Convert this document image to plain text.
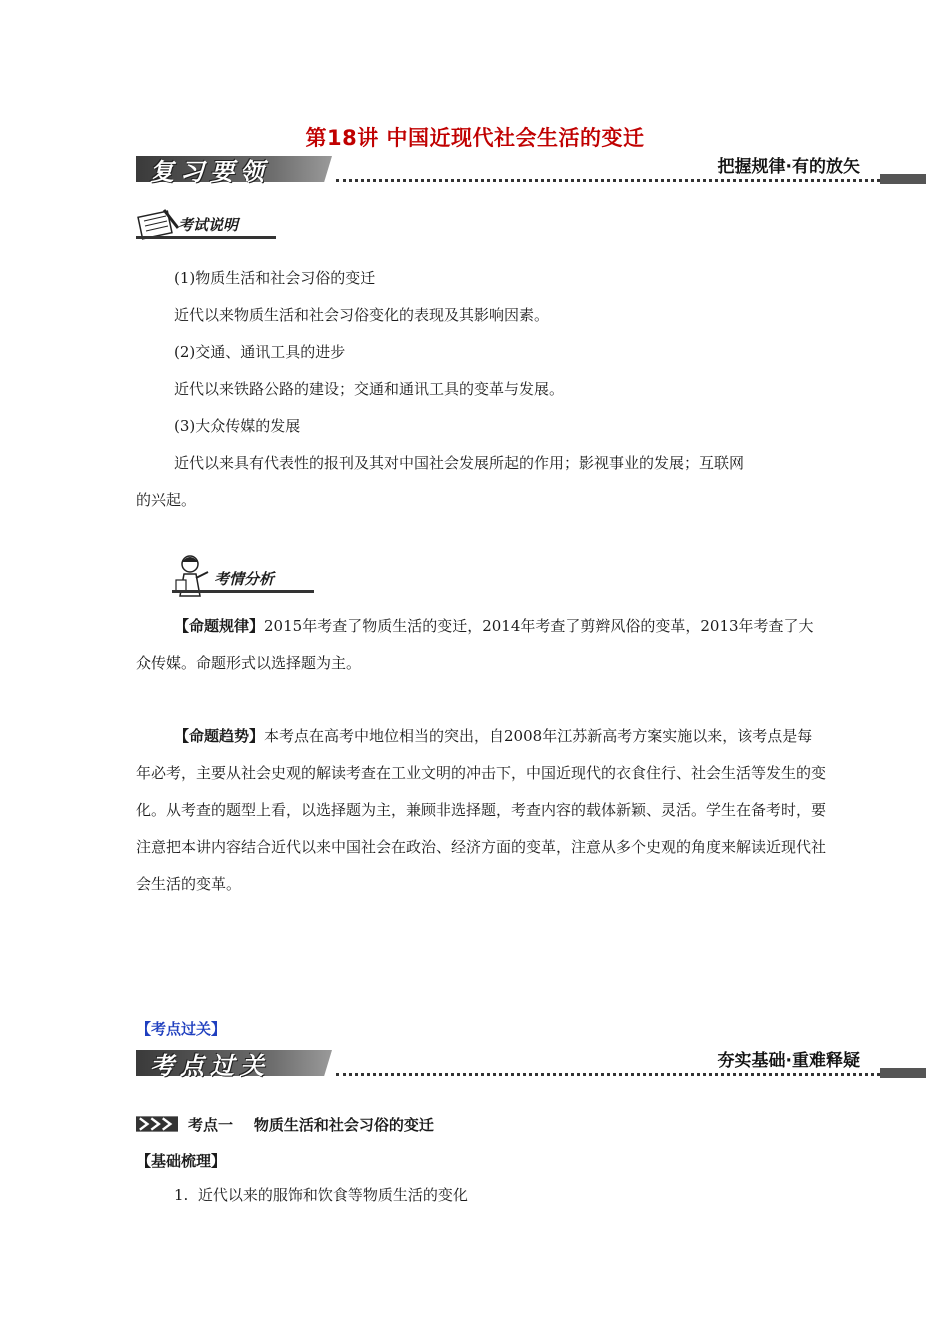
第18讲 中国近现代社会生活的变迁
复习要领	把握规律·有的放矢
考试说明
(1)物质生活和社会习俗的变迁
近代以来物质生活和社会习俗变化的表现及其影响因素。
(2)交通、通讯工具的进步
近代以来铁路公路的建设；交通和通讯工具的变革与发展。
(3)大众传媒的发展
近代以来具有代表性的报刊及其对中国社会发展所起的作用；影视事业的发展；互联网
的兴起。
考情分析
【命题规律】2015年考查了物质生活的变迁，2014年考查了剪辫风俗的变革，2013年考查了大众传媒。命题形式以选择题为主。
【命题趋势】本考点在高考中地位相当的突出，自2008年江苏新高考方案实施以来，该考点是每年必考，主要从社会史观的解读考查在工业文明的冲击下，中国近现代的衣食住行、社会生活等发生的变化。从考查的题型上看，以选择题为主，兼顾非选择题，考查内容的载体新颖、灵活。学生在备考时，要注意把本讲内容结合近代以来中国社会在政治、经济方面的变革，注意从多个史观的角度来解读近现代社会生活的变革。
【考点过关】
考点过关	夯实基础·重难释疑
考点一    物质生活和社会习俗的变迁
【基础梳理】
1.  近代以来的服饰和饮食等物质生活的变化
